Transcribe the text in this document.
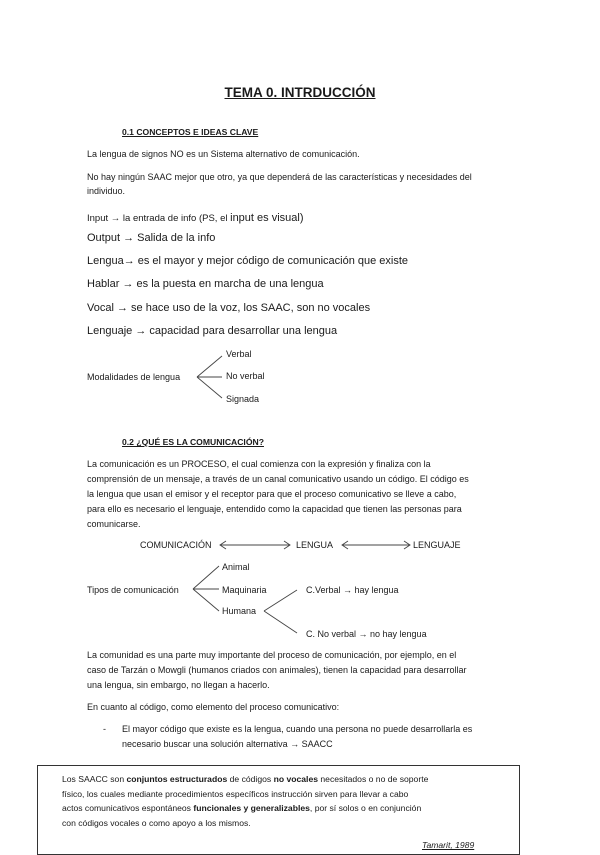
TEMA 0. INTRDUCCIÓN
0.1 CONCEPTOS E IDEAS CLAVE
La lengua de signos NO es un Sistema alternativo de comunicación.
No hay ningún SAAC mejor que otro, ya que dependerá de las características y necesidades del
individuo.
Input → la entrada de info (PS, el input es visual)
Output → Salida de la info
Lengua→ es el mayor y mejor código de comunicación que existe
Hablar → es la puesta en marcha de una lengua
Vocal → se hace uso de la voz, los SAAC, son no vocales
Lenguaje → capacidad para desarrollar una lengua
Modalidades de lengua
Verbal
No verbal
Signada
0.2 ¿QUÉ ES LA COMUNICACIÓN?
La comunicación es un PROCESO, el cual comienza con la expresión y finaliza con la
comprensión de un mensaje, a través de un canal comunicativo usando un código. El código es
la lengua que usan el emisor y el receptor para que el proceso comunicativo se lleve a cabo,
para ello es necesario el lenguaje, entendido como la capacidad que tienen las personas para
comunicarse.
COMUNICACIÓN	LENGUA	LENGUAJE
Tipos de comunicación
Animal
Maquinaria
Humana
C.Verbal → hay lengua
C. No verbal → no hay lengua
La comunidad es una parte muy importante del proceso de comunicación, por ejemplo, en el
caso de Tarzán o Mowgli (humanos criados con animales), tienen la capacidad para desarrollar
una lengua, sin embargo, no llegan a hacerlo.
En cuanto al código, como elemento del proceso comunicativo:
- El mayor código que existe es la lengua, cuando una persona no puede desarrollarla es
necesario buscar una solución alternativa → SAACC
Los SAACC son conjuntos estructurados de códigos no vocales necesitados o no de soporte
físico, los cuales mediante procedimientos específicos instrucción sirven para llevar a cabo
actos comunicativos espontáneos funcionales y generalizables, por sí solos o en conjunción
con códigos vocales o como apoyo a los mismos.
Tamarit, 1989
